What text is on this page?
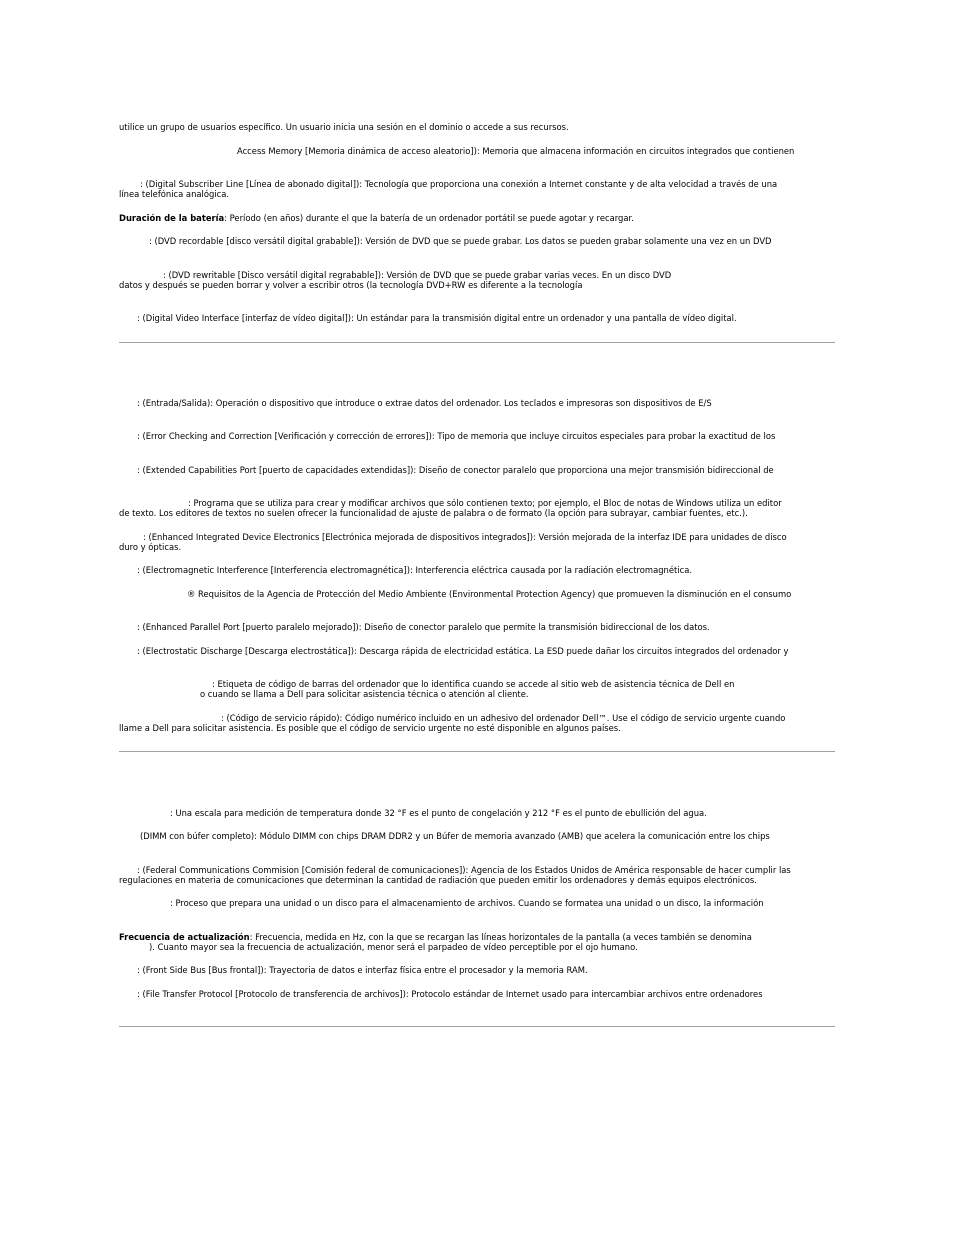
utilice un grupo de usuarios específico. Un usuario inicia una sesión en el dominio o accede a sus recursos.
Access Memory [Memoria dinámica de acceso aleatorio]): Memoria que almacena información en circuitos integrados que contienen
: (Digital Subscriber Line [Línea de abonado digital]): Tecnología que proporciona una conexión a Internet constante y de alta velocidad a través de una
línea telefónica analógica.
Duración de la batería: Período (en años) durante el que la batería de un ordenador portátil se puede agotar y recargar.
: (DVD recordable [disco versátil digital grabable]): Versión de DVD que se puede grabar. Los datos se pueden grabar solamente una vez en un DVD
: (DVD rewritable [Disco versátil digital regrabable]): Versión de DVD que se puede grabar varias veces. En un disco DVD
datos y después se pueden borrar y volver a escribir otros (la tecnología DVD+RW es diferente a la tecnología
: (Digital Video Interface [interfaz de vídeo digital]): Un estándar para la transmisión digital entre un ordenador y una pantalla de vídeo digital.
: (Entrada/Salida): Operación o dispositivo que introduce o extrae datos del ordenador. Los teclados e impresoras son dispositivos de E/S
: (Error Checking and Correction [Verificación y corrección de errores]): Tipo de memoria que incluye circuitos especiales para probar la exactitud de los
: (Extended Capabilities Port [puerto de capacidades extendidas]): Diseño de conector paralelo que proporciona una mejor transmisión bidireccional de
: Programa que se utiliza para crear y modificar archivos que sólo contienen texto; por ejemplo, el Bloc de notas de Windows utiliza un editor
de texto. Los editores de textos no suelen ofrecer la funcionalidad de ajuste de palabra o de formato (la opción para subrayar, cambiar fuentes, etc.).
: (Enhanced Integrated Device Electronics [Electrónica mejorada de dispositivos integrados]): Versión mejorada de la interfaz IDE para unidades de disco
duro y ópticas.
: (Electromagnetic Interference [Interferencia electromagnética]): Interferencia eléctrica causada por la radiación electromagnética.
® Requisitos de la Agencia de Protección del Medio Ambiente (Environmental Protection Agency) que promueven la disminución en el consumo
: (Enhanced Parallel Port [puerto paralelo mejorado]): Diseño de conector paralelo que permite la transmisión bidireccional de los datos.
: (Electrostatic Discharge [Descarga electrostática]): Descarga rápida de electricidad estática. La ESD puede dañar los circuitos integrados del ordenador y
: Etiqueta de código de barras del ordenador que lo identifica cuando se accede al sitio web de asistencia técnica de Dell en
o cuando se llama a Dell para solicitar asistencia técnica o atención al cliente.
: (Código de servicio rápido): Código numérico incluido en un adhesivo del ordenador Dell™. Use el código de servicio urgente cuando
llame a Dell para solicitar asistencia. Es posible que el código de servicio urgente no esté disponible en algunos países.
: Una escala para medición de temperatura donde 32 °F es el punto de congelación y 212 °F es el punto de ebullición del agua.
(DIMM con búfer completo): Módulo DIMM con chips DRAM DDR2 y un Búfer de memoria avanzado (AMB) que acelera la comunicación entre los chips
: (Federal Communications Commision [Comisión federal de comunicaciones]): Agencia de los Estados Unidos de América responsable de hacer cumplir las
regulaciones en materia de comunicaciones que determinan la cantidad de radiación que pueden emitir los ordenadores y demás equipos electrónicos.
: Proceso que prepara una unidad o un disco para el almacenamiento de archivos. Cuando se formatea una unidad o un disco, la información
Frecuencia de actualización: Frecuencia, medida en Hz, con la que se recargan las líneas horizontales de la pantalla (a veces también se denomina
). Cuanto mayor sea la frecuencia de actualización, menor será el parpadeo de vídeo perceptible por el ojo humano.
: (Front Side Bus [Bus frontal]): Trayectoria de datos e interfaz física entre el procesador y la memoria RAM.
: (File Transfer Protocol [Protocolo de transferencia de archivos]): Protocolo estándar de Internet usado para intercambiar archivos entre ordenadores
